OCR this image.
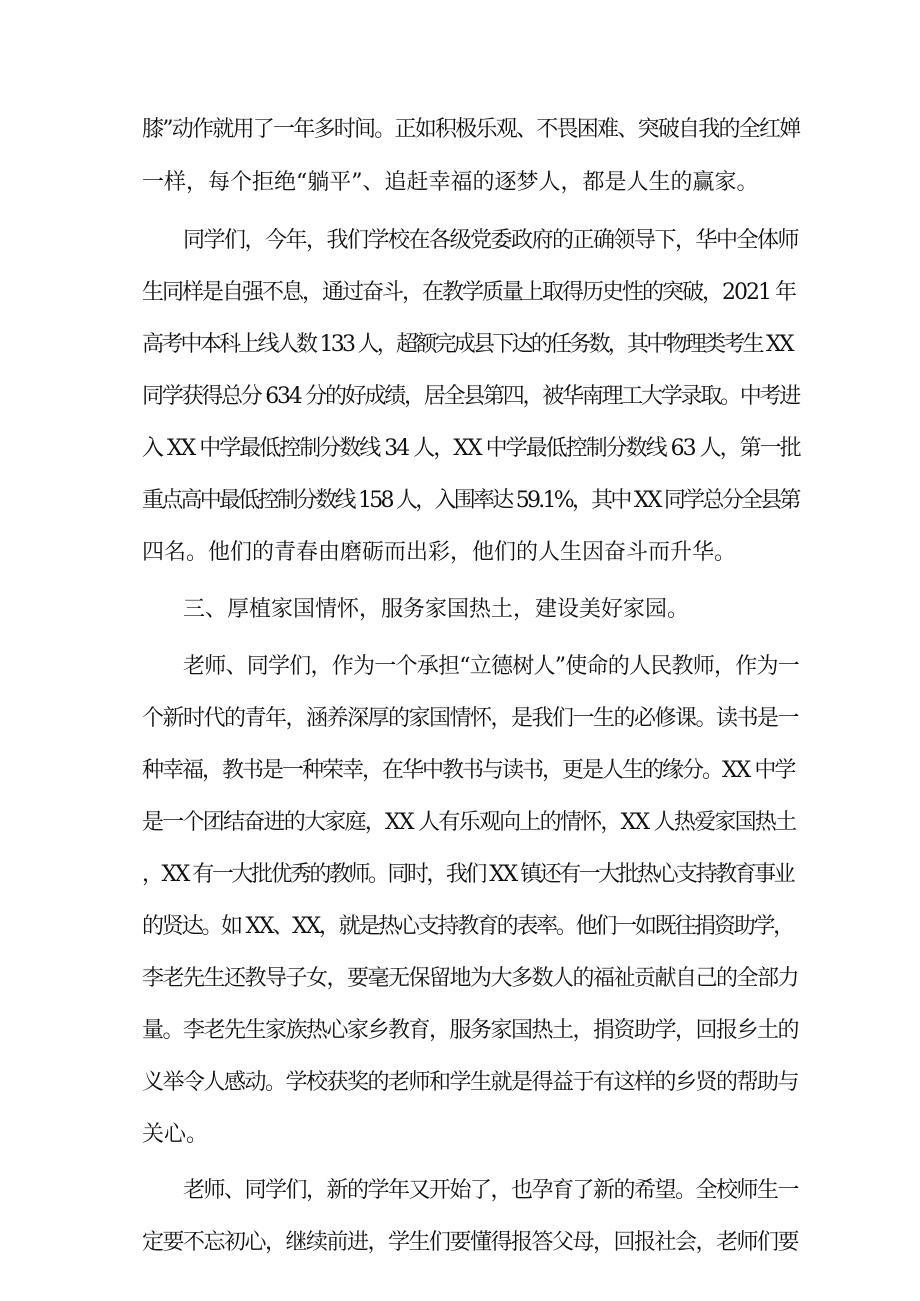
膝”动作就用了一年多时间。正如积极乐观、不畏困难、突破自我的全红婵
一样，每个拒绝“躺平”、追赶幸福的逐梦人，都是人生的赢家。
同学们，今年，我们学校在各级党委政府的正确领导下，华中全体师
生同样是自强不息，通过奋斗，在教学质量上取得历史性的突破，2021 年
高考中本科上线人数 133 人，超额完成县下达的任务数，其中物理类考生 XX
同学获得总分 634 分的好成绩，居全县第四，被华南理工大学录取。中考进
入 XX 中学最低控制分数线 34 人，XX 中学最低控制分数线 63 人，第一批
重点高中最低控制分数线 158 人，入围率达 59.1%，其中 XX 同学总分全县第
四名。他们的青春由磨砺而出彩，他们的人生因奋斗而升华。
三、厚植家国情怀，服务家国热土，建设美好家园。
老师、同学们，作为一个承担“立德树人”使命的人民教师，作为一
个新时代的青年，涵养深厚的家国情怀，是我们一生的必修课。读书是一
种幸福，教书是一种荣幸，在华中教书与读书，更是人生的缘分。XX 中学
是一个团结奋进的大家庭，XX 人有乐观向上的情怀，XX 人热爱家国热土
，XX 有一大批优秀的教师。同时，我们 XX 镇还有一大批热心支持教育事业
的贤达。如 XX、XX，就是热心支持教育的表率。他们一如既往捐资助学，
李老先生还教导子女，要毫无保留地为大多数人的福祉贡献自己的全部力
量。李老先生家族热心家乡教育，服务家国热土，捐资助学，回报乡土的
义举令人感动。学校获奖的老师和学生就是得益于有这样的乡贤的帮助与
关心。
老师、同学们，新的学年又开始了，也孕育了新的希望。全校师生一
定要不忘初心，继续前进，学生们要懂得报答父母，回报社会，老师们要
